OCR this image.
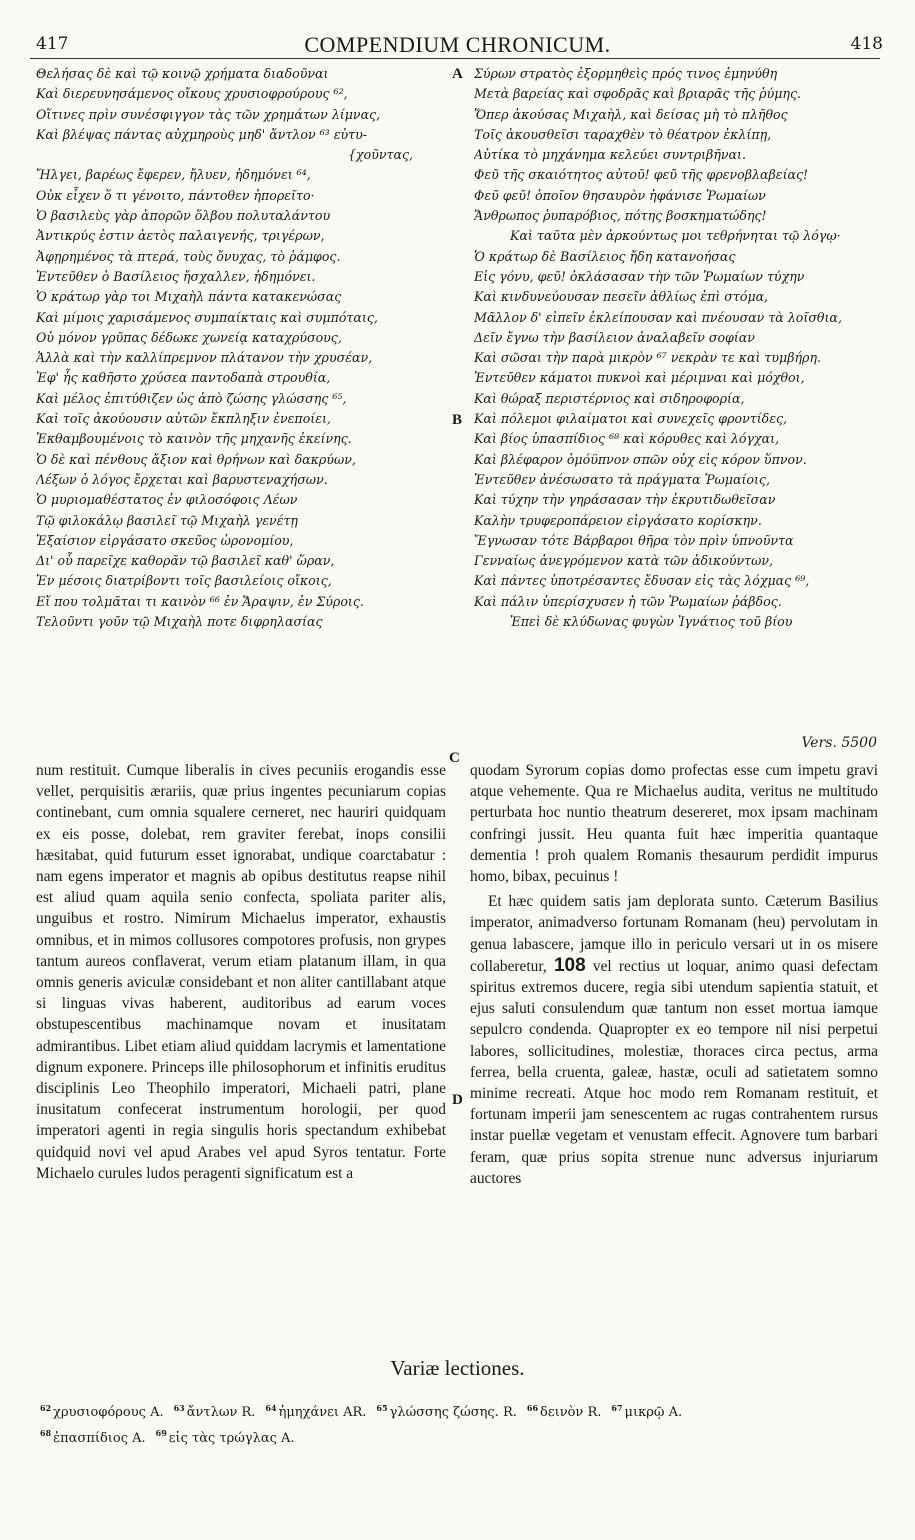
417	COMPENDIUM CHRONICUM.	418
Θελήσας δὲ καὶ τῷ κοινῷ χρήματα διαδοῦναι
Καὶ διερευνησάμενος οἴκους χρυσιοφρούρους ⁶²,
Οἵτινες πρὶν συνέσφιγγον τὰς τῶν χρημάτων λίμνας,
Καὶ βλέψας πάντας αὐχμηροὺς μηδ' ἄντλον ⁶³ εὐτυ-
{χοῦντας,
Ἤλγει, βαρέως ἔφερεν, ἤλυεν, ἠδημόνει ⁶⁴,
Οὐκ εἶχεν ὅ τι γένοιτο, πάντοθεν ἠπορεῖτο·
Ὁ βασιλεὺς γὰρ ἀπορῶν ὅλβου πολυταλάντου
Ἀντικρύς ἐστιν ἀετὸς παλαιγενής, τριγέρων,
Ἀφῃρημένος τὰ πτερά, τοὺς ὄνυχας, τὸ ῥάμφος.
Ἐντεῦθεν ὁ Βασίλειος ἤσχαλλεν, ἠδημόνει.
Ὁ κράτωρ γὰρ τοι Μιχαὴλ πάντα κατακενώσας
Καὶ μίμοις χαρισάμενος συμπαίκταις καὶ συμπόταις,
Οὐ μόνον γρῦπας δέδωκε χωνείᾳ καταχρύσους,
Ἀλλὰ καὶ τὴν καλλίπρεμνον πλάτανον τὴν χρυσέαν,
Ἐφ' ἧς καθῆστο χρύσεα παντοδαπὰ στρουθία,
Καὶ μέλος ἐπιτύθιζεν ὡς ἀπὸ ζώσης γλώσσης ⁶⁵,
Καὶ τοῖς ἀκούουσιν αὐτῶν ἔκπληξιν ἐνεποίει,
Ἐκθαμβουμένοις τὸ καινὸν τῆς μηχανῆς ἐκείνης.
Ὁ δὲ καὶ πένθους ἄξιον καὶ θρήνων καὶ δακρύων,
Λέξων ὁ λόγος ἔρχεται καὶ βαρυστεναχήσων.
Ὁ μυριομαθέστατος ἐν φιλοσόφοις Λέων
Τῷ φιλοκάλῳ βασιλεῖ τῷ Μιχαὴλ γενέτῃ
Ἐξαίσιον εἰργάσατο σκεῦος ὡρονομίου,
Δι' οὗ παρεῖχε καθορᾶν τῷ βασιλεῖ καθ' ὥραν,
Ἐν μέσοις διατρίβοντι τοῖς βασιλείοις οἴκοις,
Εἴ που τολμᾶται τι καινὸν ⁶⁶ ἐν Ἄραψιν, ἐν Σύροις.
Τελοῦντι γοῦν τῷ Μιχαὴλ ποτε διφρηλασίας
A
B
Σύρων στρατὸς ἐξορμηθεὶς πρός τινος ἐμηνύθη
Μετὰ βαρείας καὶ σφοδρᾶς καὶ βριαρᾶς τῆς ῥύμης.
Ὅπερ ἀκούσας Μιχαὴλ, καὶ δείσας μὴ τὸ πλῆθος
Τοῖς ἀκουσθεῖσι ταραχθὲν τὸ θέατρον ἐκλίπῃ,
Αὐτίκα τὸ μηχάνημα κελεύει συντριβῆναι.
Φεῦ τῆς σκαιότητος αὐτοῦ! φεῦ τῆς φρενοβλαβείας!
Φεῦ φεῦ! ὁποῖον θησαυρὸν ἠφάνισε Ῥωμαίων
Ἄνθρωπος ῥυπαρόβιος, πότης βοσκηματώδης!
Καὶ ταῦτα μὲν ἀρκούντως μοι τεθρήνηται τῷ λόγῳ·
Ὁ κράτωρ δὲ Βασίλειος ἤδη κατανοήσας
Εἰς γόνυ, φεῦ! ὀκλάσασαν τὴν τῶν Ῥωμαίων τύχην
Καὶ κινδυνεύουσαν πεσεῖν ἀθλίως ἐπὶ στόμα,
Μᾶλλον δ' εἰπεῖν ἐκλείπουσαν καὶ πνέουσαν τὰ λοῖσθια,
Δεῖν ἔγνω τὴν βασίλειον ἀναλαβεῖν σοφίαν
Καὶ σῶσαι τὴν παρὰ μικρὸν ⁶⁷ νεκρὰν τε καὶ τυμβήρη.
Ἐντεῦθεν κάματοι πυκνοὶ καὶ μέριμναι καὶ μόχθοι,
Καὶ θώραξ περιστέρνιος καὶ σιδηροφορία,
Καὶ πόλεμοι φιλαίματοι καὶ συνεχεῖς φροντίδες,
Καὶ βίος ὑπασπίδιος ⁶⁸ καὶ κόρυθες καὶ λόγχαι,
Καὶ βλέφαρον ὁμόϋπνον σπῶν οὐχ εἰς κόρον ὕπνον.
Ἐντεῦθεν ἀνέσωσατο τὰ πράγματα Ῥωμαίοις,
Καὶ τύχην τὴν γηράσασαν τὴν ἐκρυτιδωθεῖσαν
Καλὴν τρυφεροπάρειον εἰργάσατο κορίσκην.
Ἔγνωσαν τότε Βάρβαροι θῆρα τὸν πρὶν ὑπνοῦντα
Γενναίως ἀνεγρόμενον κατὰ τῶν ἀδικούντων,
Καὶ πάντες ὑποτρέσαντες ἔδυσαν εἰς τὰς λόχμας ⁶⁹,
Καὶ πάλιν ὑπερίσχυσεν ἡ τῶν Ῥωμαίων ῥάβδος.
Ἐπεὶ δὲ κλύδωνας φυγὼν Ἰγνάτιος τοῦ βίου
Vers. 5500

num restituit. Cumque liberalis in cives pecuniis erogandis esse vellet, perquisitis ærariis, quæ prius ingentes pecuniarum copias continebant, cum omnia squalere cerneret, nec hauriri quidquam ex eis posse, dolebat, rem graviter ferebat, inops consilii hæsitabat, quid futurum esset ignorabat, undique coarctabatur : nam egens imperator et magnis ab opibus destitutus reapse nihil est aliud quam aquila senio confecta, spoliata pariter alis, unguibus et rostro. Nimirum Michaelus imperator, exhaustis omnibus, et in mimos collusores compotores profusis, non grypes tantum aureos conflaverat, verum etiam platanum illam, in qua omnis generis aviculæ considebant et non aliter cantillabant atque si linguas vivas haberent, auditoribus ad earum voces obstupescentibus machinamque novam et inusitatam admirantibus. Libet etiam aliud quiddam lacrymis et lamentatione dignum exponere. Princeps ille philosophorum et infinitis eruditus disciplinis Leo Theophilo imperatori, Michaeli patri, plane inusitatum confecerat instrumentum horologii, per quod imperatori agenti in regia singulis horis spectandum exhibebat quidquid novi vel apud Arabes vel apud Syros tentatur. Forte Michaelo curules ludos peragenti significatum est a

C
D

quodam Syrorum copias domo profectas esse cum impetu gravi atque vehemente. Qua re Michaelus audita, veritus ne multitudo perturbata hoc nuntio theatrum desereret, mox ipsam machinam confringi jussit. Heu quanta fuit hæc imperitia quantaque dementia ! proh qualem Romanis thesaurum perdidit impurus homo, bibax, pecuinus !

Et hæc quidem satis jam deplorata sunto. Cæterum Basilius imperator, animadverso fortunam Romanam (heu) pervolutam in genua labascere, jamque illo in periculo versari ut in os misere collaberetur, 108 vel rectius ut loquar, animo quasi defectam spiritus extremos ducere, regia sibi utendum sapientia statuit, et ejus saluti consulendum quæ tantum non esset mortua iamque sepulcro condenda. Quapropter ex eo tempore nil nisi perpetui labores, sollicitudines, molestiæ, thoraces circa pectus, arma ferrea, bella cruenta, galeæ, hastæ, oculi ad satietatem somno minime recreati. Atque hoc modo rem Romanam restituit, et fortunam imperii jam senescentem ac rugas contrahentem rursus instar puellæ vegetam et venustam effecit. Agnovere tum barbari feram, quæ prius sopita strenue nunc adversus injuriarum auctores

Variæ lectiones.
$^{62}$ χρυσιοφόρους A. $^{63}$ ἄντλων R. $^{64}$ ἠμηχάνει AR. $^{65}$ γλώσσης ζώσης. R. $^{66}$ δεινὸν R. $^{67}$ μικρῷ A.
$^{68}$ ἐπασπίδιος A. $^{69}$ εἰς τὰς τρώγλας A.
